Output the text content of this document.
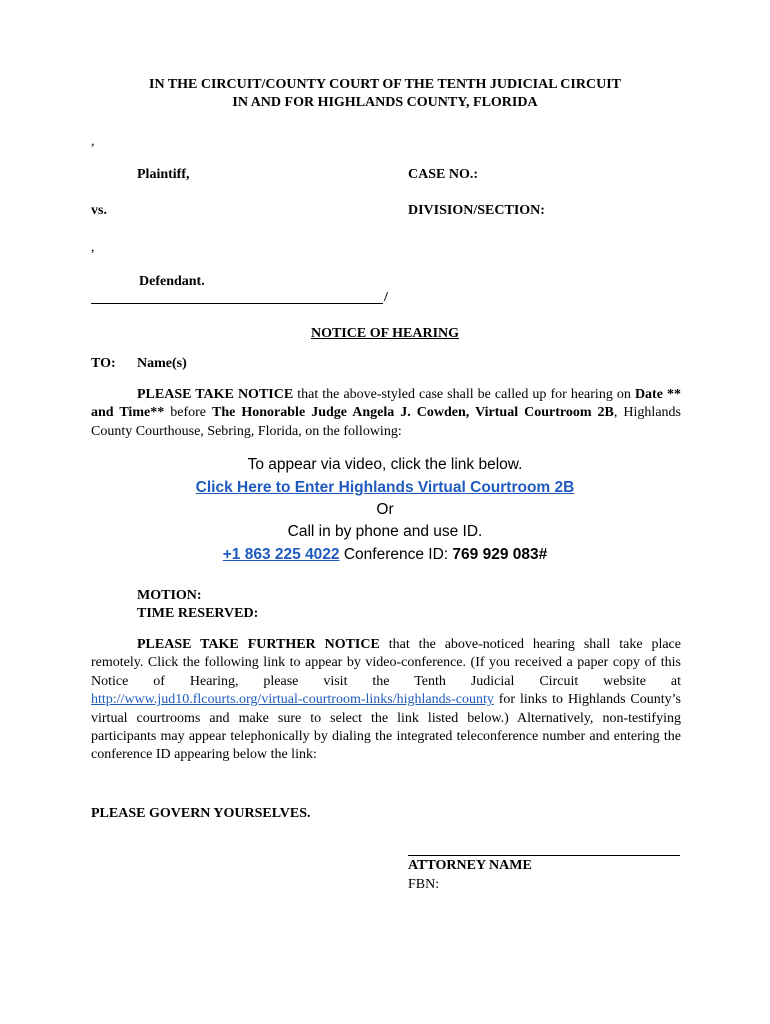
IN THE CIRCUIT/COUNTY COURT OF THE TENTH JUDICIAL CIRCUIT
IN AND FOR HIGHLANDS COUNTY, FLORIDA
,
Plaintiff,	CASE NO.:
vs.	DIVISION/SECTION:
,
Defendant.
/
NOTICE OF HEARING
TO: Name(s)
PLEASE TAKE NOTICE that the above-styled case shall be called up for hearing on Date ** and Time** before The Honorable Judge Angela J. Cowden, Virtual Courtroom 2B, Highlands County Courthouse, Sebring, Florida, on the following:
To appear via video, click the link below.
Click Here to Enter Highlands Virtual Courtroom 2B
Or
Call in by phone and use ID.
+1 863 225 4022 Conference ID: 769 929 083#
MOTION:
TIME RESERVED:
PLEASE TAKE FURTHER NOTICE that the above-noticed hearing shall take place remotely. Click the following link to appear by video-conference. (If you received a paper copy of this Notice of Hearing, please visit the Tenth Judicial Circuit website at http://www.jud10.flcourts.org/virtual-courtroom-links/highlands-county for links to Highlands County’s virtual courtrooms and make sure to select the link listed below.) Alternatively, non-testifying participants may appear telephonically by dialing the integrated teleconference number and entering the conference ID appearing below the link:
PLEASE GOVERN YOURSELVES.
ATTORNEY NAME
FBN:
